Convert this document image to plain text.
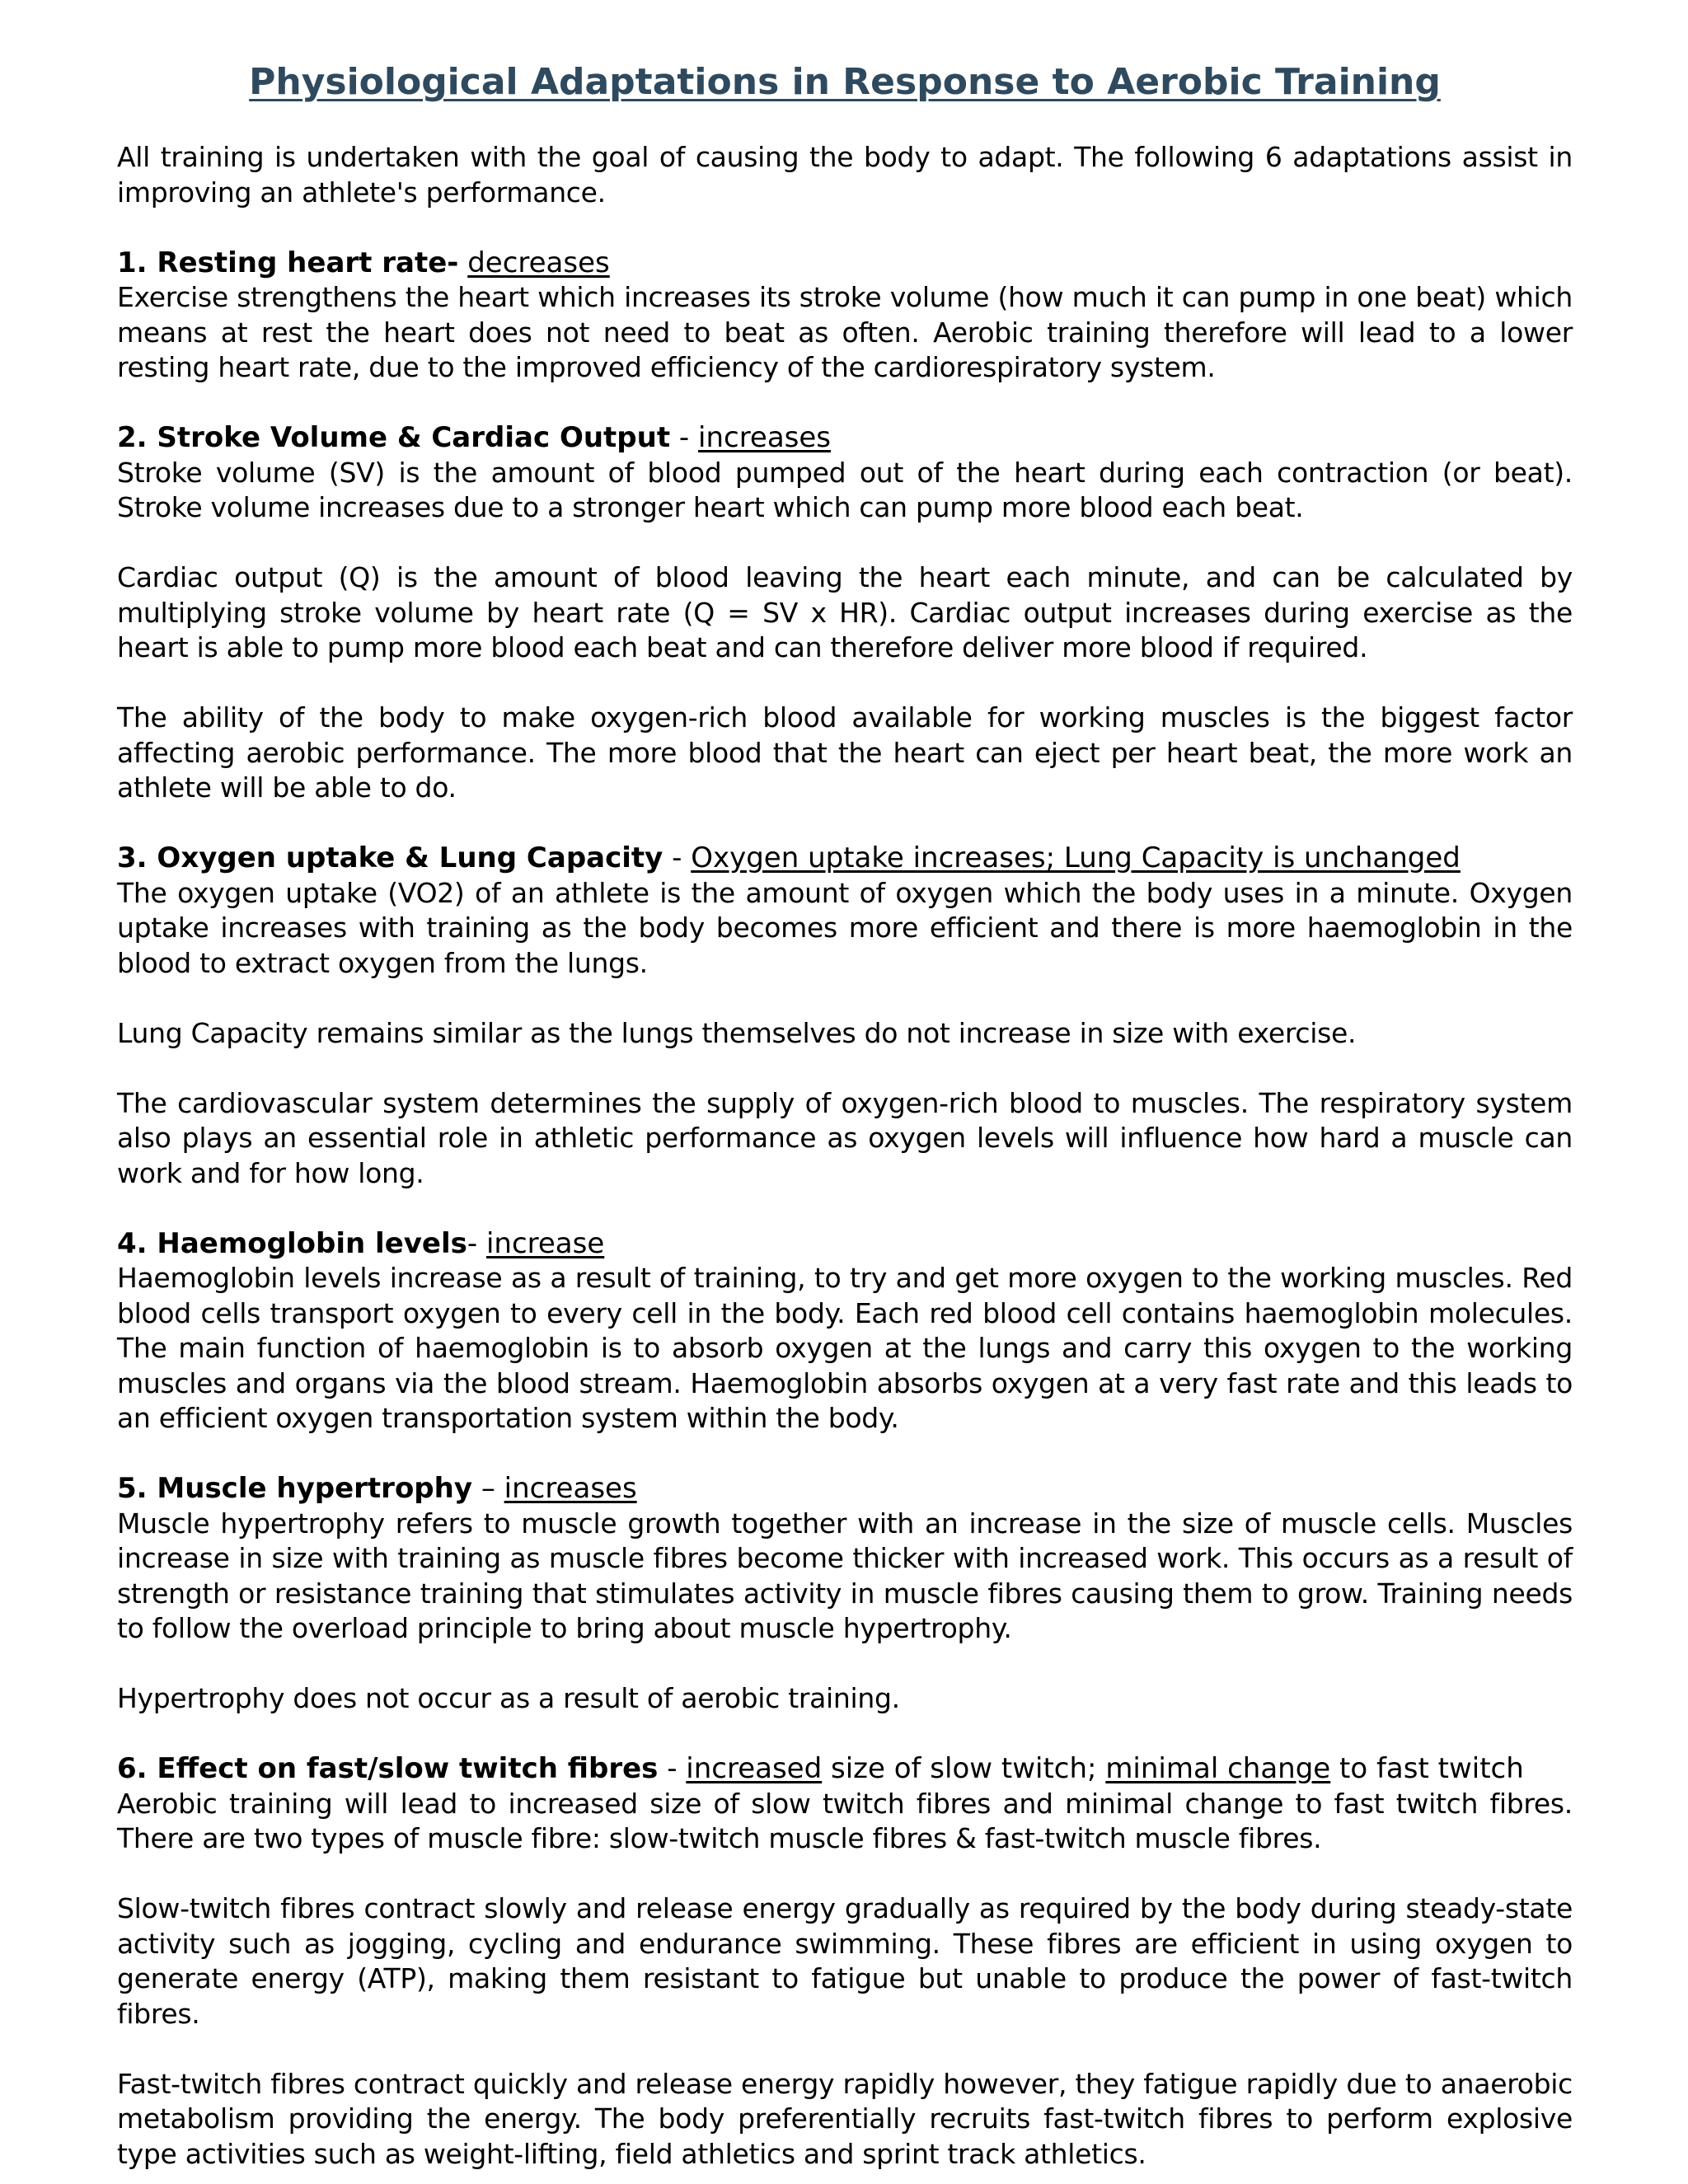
Physiological Adaptations in Response to Aerobic Training

All training is undertaken with the goal of causing the body to adapt. The following 6 adaptations assist in improving an athlete's performance.

1. Resting heart rate- decreases

Exercise strengthens the heart which increases its stroke volume (how much it can pump in one beat) which means at rest the heart does not need to beat as often. Aerobic training therefore will lead to a lower resting heart rate, due to the improved efficiency of the cardiorespiratory system.

2. Stroke Volume & Cardiac Output - increases

Stroke volume (SV) is the amount of blood pumped out of the heart during each contraction (or beat). Stroke volume increases due to a stronger heart which can pump more blood each beat.

Cardiac output (Q) is the amount of blood leaving the heart each minute, and can be calculated by multiplying stroke volume by heart rate (Q = SV x HR). Cardiac output increases during exercise as the heart is able to pump more blood each beat and can therefore deliver more blood if required.

The ability of the body to make oxygen-rich blood available for working muscles is the biggest factor affecting aerobic performance. The more blood that the heart can eject per heart beat, the more work an athlete will be able to do.

3. Oxygen uptake & Lung Capacity - Oxygen uptake increases; Lung Capacity is unchanged

The oxygen uptake (VO2) of an athlete is the amount of oxygen which the body uses in a minute. Oxygen uptake increases with training as the body becomes more efficient and there is more haemoglobin in the blood to extract oxygen from the lungs.

Lung Capacity remains similar as the lungs themselves do not increase in size with exercise.

The cardiovascular system determines the supply of oxygen-rich blood to muscles. The respiratory system also plays an essential role in athletic performance as oxygen levels will influence how hard a muscle can work and for how long.

4. Haemoglobin levels- increase

Haemoglobin levels increase as a result of training, to try and get more oxygen to the working muscles. Red blood cells transport oxygen to every cell in the body. Each red blood cell contains haemoglobin molecules. The main function of haemoglobin is to absorb oxygen at the lungs and carry this oxygen to the working muscles and organs via the blood stream. Haemoglobin absorbs oxygen at a very fast rate and this leads to an efficient oxygen transportation system within the body.

5. Muscle hypertrophy – increases

Muscle hypertrophy refers to muscle growth together with an increase in the size of muscle cells. Muscles increase in size with training as muscle fibres become thicker with increased work. This occurs as a result of strength or resistance training that stimulates activity in muscle fibres causing them to grow. Training needs to follow the overload principle to bring about muscle hypertrophy.

Hypertrophy does not occur as a result of aerobic training.

6. Effect on fast/slow twitch fibres - increased size of slow twitch; minimal change to fast twitch

Aerobic training will lead to increased size of slow twitch fibres and minimal change to fast twitch fibres. There are two types of muscle fibre: slow-twitch muscle fibres & fast-twitch muscle fibres.

Slow-twitch fibres contract slowly and release energy gradually as required by the body during steady-state activity such as jogging, cycling and endurance swimming. These fibres are efficient in using oxygen to generate energy (ATP), making them resistant to fatigue but unable to produce the power of fast-twitch fibres.

Fast-twitch fibres contract quickly and release energy rapidly however, they fatigue rapidly due to anaerobic metabolism providing the energy. The body preferentially recruits fast-twitch fibres to perform explosive type activities such as weight-lifting, field athletics and sprint track athletics.
